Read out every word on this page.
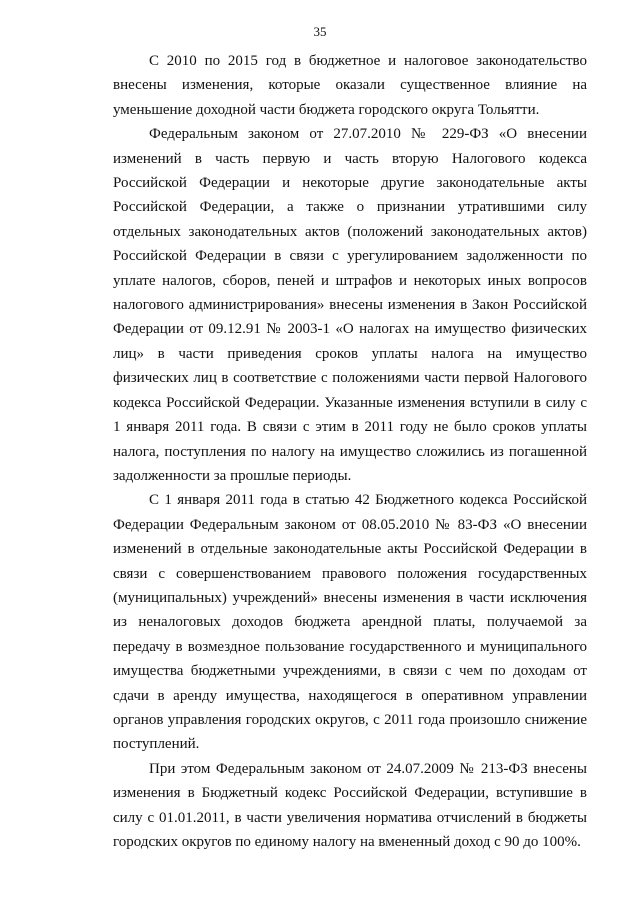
35

С 2010 по 2015 год в бюджетное и налоговое законодательство внесены изменения, которые оказали существенное влияние на уменьшение доходной части бюджета городского округа Тольятти.

Федеральным законом от 27.07.2010 № 229-ФЗ «О внесении изменений в часть первую и часть вторую Налогового кодекса Российской Федерации и некоторые другие законодательные акты Российской Федерации, а также о признании утратившими силу отдельных законодательных актов (положений законодательных актов) Российской Федерации в связи с урегулированием задолженности по уплате налогов, сборов, пеней и штрафов и некоторых иных вопросов налогового администрирования» внесены изменения в Закон Российской Федерации от 09.12.91 № 2003-1 «О налогах на имущество физических лиц» в части приведения сроков уплаты налога на имущество физических лиц в соответствие с положениями части первой Налогового кодекса Российской Федерации. Указанные изменения вступили в силу с 1 января 2011 года. В связи с этим в 2011 году не было сроков уплаты налога, поступления по налогу на имущество сложились из погашенной задолженности за прошлые периоды.

С 1 января 2011 года в статью 42 Бюджетного кодекса Российской Федерации Федеральным законом от 08.05.2010 № 83-ФЗ «О внесении изменений в отдельные законодательные акты Российской Федерации в связи с совершенствованием правового положения государственных (муниципальных) учреждений» внесены изменения в части исключения из неналоговых доходов бюджета арендной платы, получаемой за передачу в возмездное пользование государственного и муниципального имущества бюджетными учреждениями, в связи с чем по доходам от сдачи в аренду имущества, находящегося в оперативном управлении органов управления городских округов, с 2011 года произошло снижение поступлений.

При этом Федеральным законом от 24.07.2009 № 213-ФЗ внесены изменения в Бюджетный кодекс Российской Федерации, вступившие в силу с 01.01.2011, в части увеличения норматива отчислений в бюджеты городских округов по единому налогу на вмененный доход с 90 до 100%.
